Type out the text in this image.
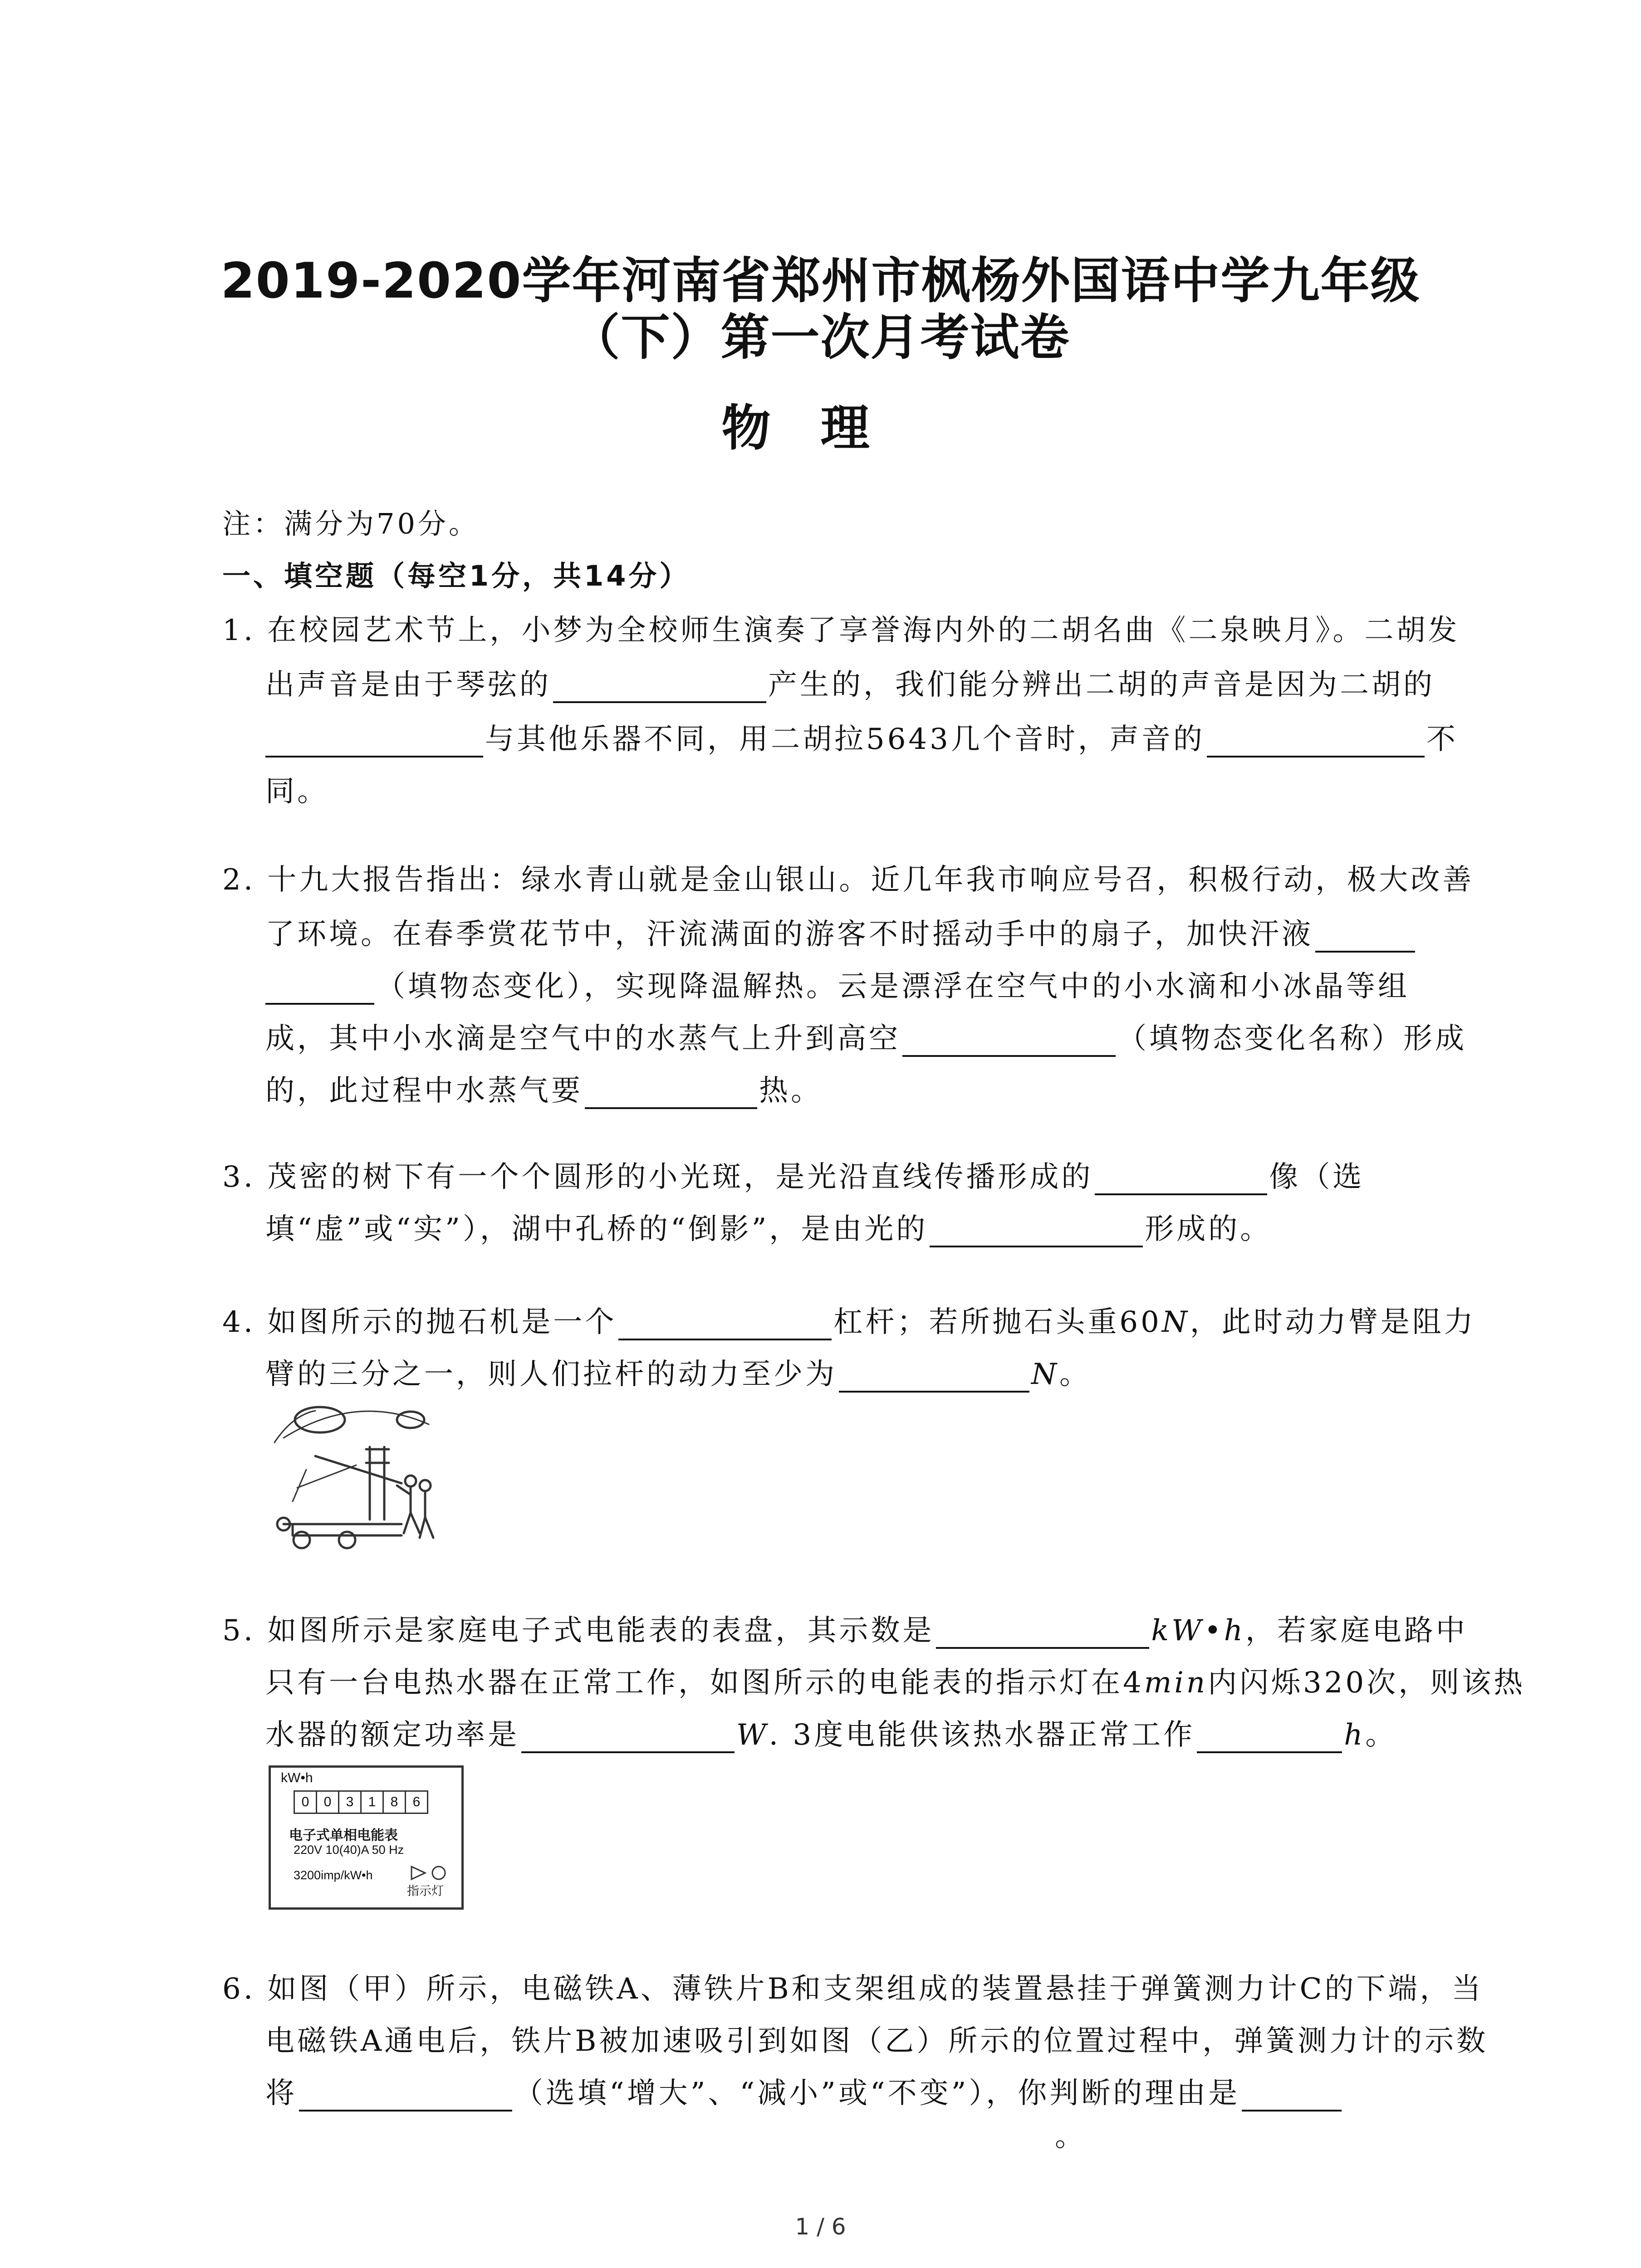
2019-2020学年河南省郑州市枫杨外国语中学九年级
（下）第一次月考试卷
物理
注：满分为70分。
一、填空题（每空1分，共14分）
1. 在校园艺术节上，小梦为全校师生演奏了享誉海内外的二胡名曲《二泉映月》。二胡发
出声音是由于琴弦的	产生的，我们能分辨出二胡的声音是因为二胡的
与其他乐器不同，用二胡拉5643几个音时，声音的	不
同。
2. 十九大报告指出：绿水青山就是金山银山。近几年我市响应号召，积极行动，极大改善
了环境。在春季赏花节中，汗流满面的游客不时摇动手中的扇子，加快汗液
（填物态变化），实现降温解热。云是漂浮在空气中的小水滴和小冰晶等组
成，其中小水滴是空气中的水蒸气上升到高空	（填物态变化名称）形成
的，此过程中水蒸气要	热。
3. 茂密的树下有一个个圆形的小光斑，是光沿直线传播形成的	像（选
填“虚”或“实”），湖中孔桥的“倒影”，是由光的	形成的。
4. 如图所示的抛石机是一个	杠杆；若所抛石头重60N，此时动力臂是阻力
臂的三分之一，则人们拉杆的动力至少为	N。
5. 如图所示是家庭电子式电能表的表盘，其示数是	kW•h，若家庭电路中
只有一台电热水器在正常工作，如图所示的电能表的指示灯在4min内闪烁320次，则该热
水器的额定功率是	W. 3度电能供该热水器正常工作	h。
kW•h
0	0	3	1	8	6
电子式单相电能表
220V 10(40)A 50 Hz
3200imp/kW•h
指示灯
6. 如图（甲）所示，电磁铁A、薄铁片B和支架组成的装置悬挂于弹簧测力计C的下端，当
电磁铁A通电后，铁片B被加速吸引到如图（乙）所示的位置过程中，弹簧测力计的示数
将	（选填“增大”、“减小”或“不变”），你判断的理由是
。
1 / 6
